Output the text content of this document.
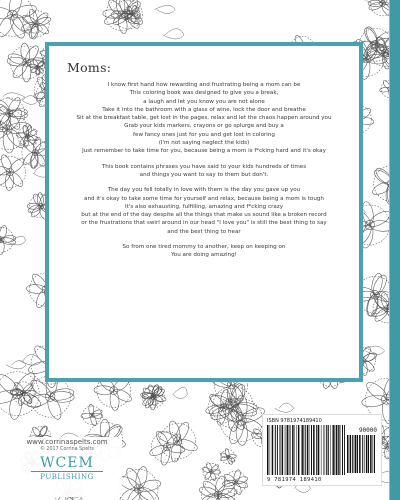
Moms:
I know first hand how rewarding and frustrating being a mom can be
This coloring book was designed to give you a break,
a laugh and let you know you are not alone
Take it into the bathroom with a glass of wine, lock the door and breathe
Sit at the breakfast table, get lost in the pages, relax and let the chaos happen around you
Grab your kids markers, crayons or go splurge and buy a
few fancy ones just for you and get lost in coloring
(I'm not saying neglect the kids)
Just remember to take time for you, because being a mom is f*cking hard and it's okay
This book contains phrases you have said to your kids hundreds of times
and things you want to say to them but don't.
The day you fell totally in love with them is the day you gave up you
and it's okay to take some time for yourself and relax, because being a mom is tough
It's also exhausting, fulfilling, amazing and f*cking crazy
but at the end of the day despite all the things that make us sound like a broken record
or the frustrations that swirl around in our head "I love you" is still the best thing to say
and the best thing to hear
So from one tired mommy to another, keep on keeping on
You are doing amazing!
www.corrinaspelts.com
© 2017 Corrina Spelts
WCEM
PUBLISHING
ISBN 9781974189410
90000
9 781974 189410
